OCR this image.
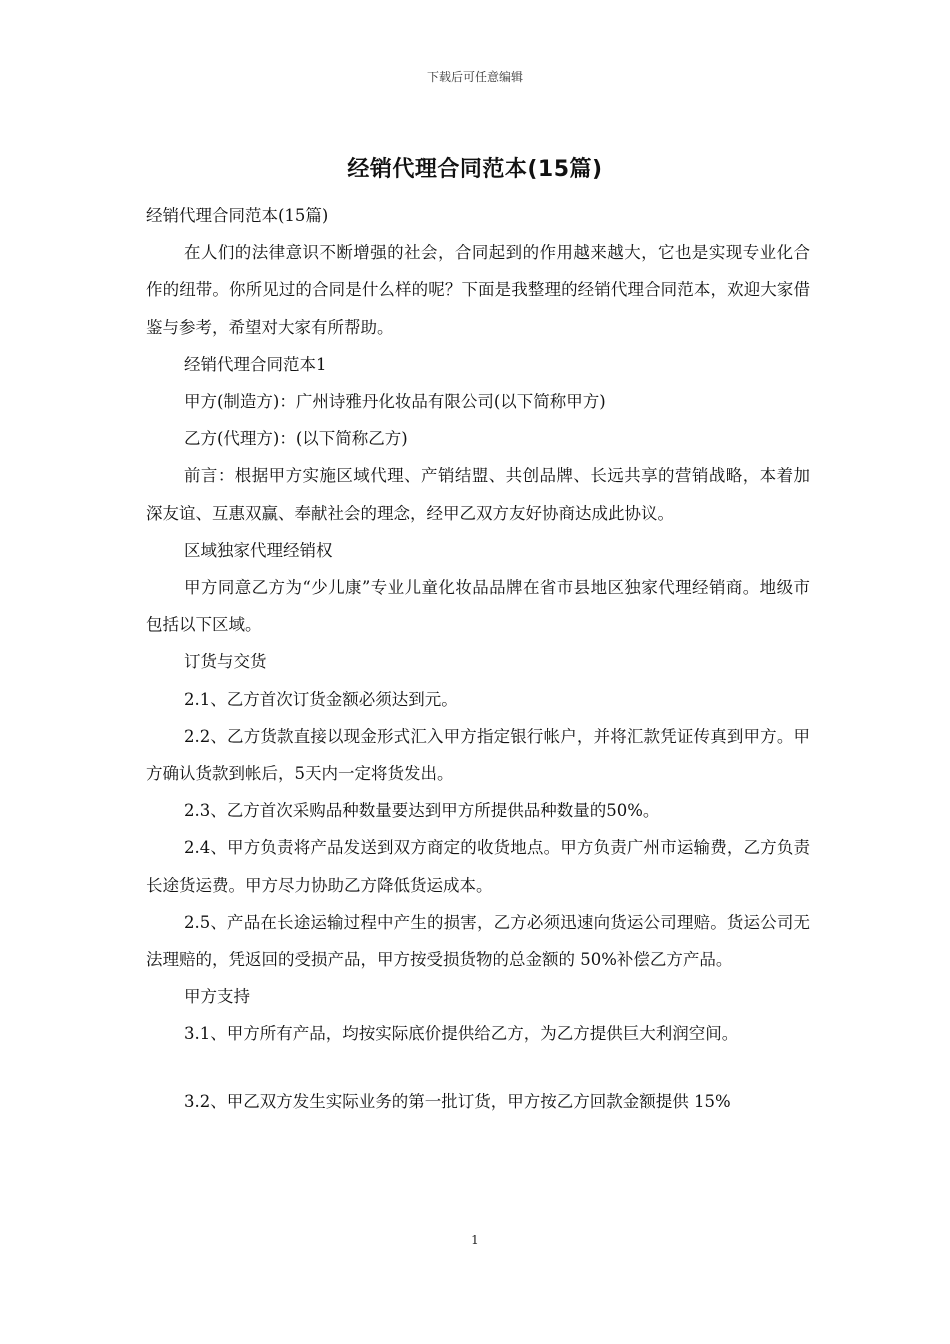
下载后可任意编辑
经销代理合同范本(15篇)

经销代理合同范本(15篇)

在人们的法律意识不断增强的社会，合同起到的作用越来越大，它也是实现专业化合作的纽带。你所见过的合同是什么样的呢？下面是我整理的经销代理合同范本，欢迎大家借鉴与参考，希望对大家有所帮助。

经销代理合同范本1

甲方(制造方)：广州诗雅丹化妆品有限公司(以下简称甲方)

乙方(代理方)：(以下简称乙方)

前言：根据甲方实施区域代理、产销结盟、共创品牌、长远共享的营销战略，本着加深友谊、互惠双赢、奉献社会的理念，经甲乙双方友好协商达成此协议。

区域独家代理经销权

甲方同意乙方为“少儿康”专业儿童化妆品品牌在省市县地区独家代理经销商。地级市包括以下区域。

订货与交货

2.1、乙方首次订货金额必须达到元。

2.2、乙方货款直接以现金形式汇入甲方指定银行帐户，并将汇款凭证传真到甲方。甲方确认货款到帐后，5天内一定将货发出。

2.3、乙方首次采购品种数量要达到甲方所提供品种数量的50%。

2.4、甲方负责将产品发送到双方商定的收货地点。甲方负责广州市运输费，乙方负责长途货运费。甲方尽力协助乙方降低货运成本。

2.5、产品在长途运输过程中产生的损害，乙方必须迅速向货运公司理赔。货运公司无法理赔的，凭返回的受损产品，甲方按受损货物的总金额的 50%补偿乙方产品。

甲方支持

3.1、甲方所有产品，均按实际底价提供给乙方，为乙方提供巨大利润空间。

3.2、甲乙双方发生实际业务的第一批订货，甲方按乙方回款金额提供 15%

1
